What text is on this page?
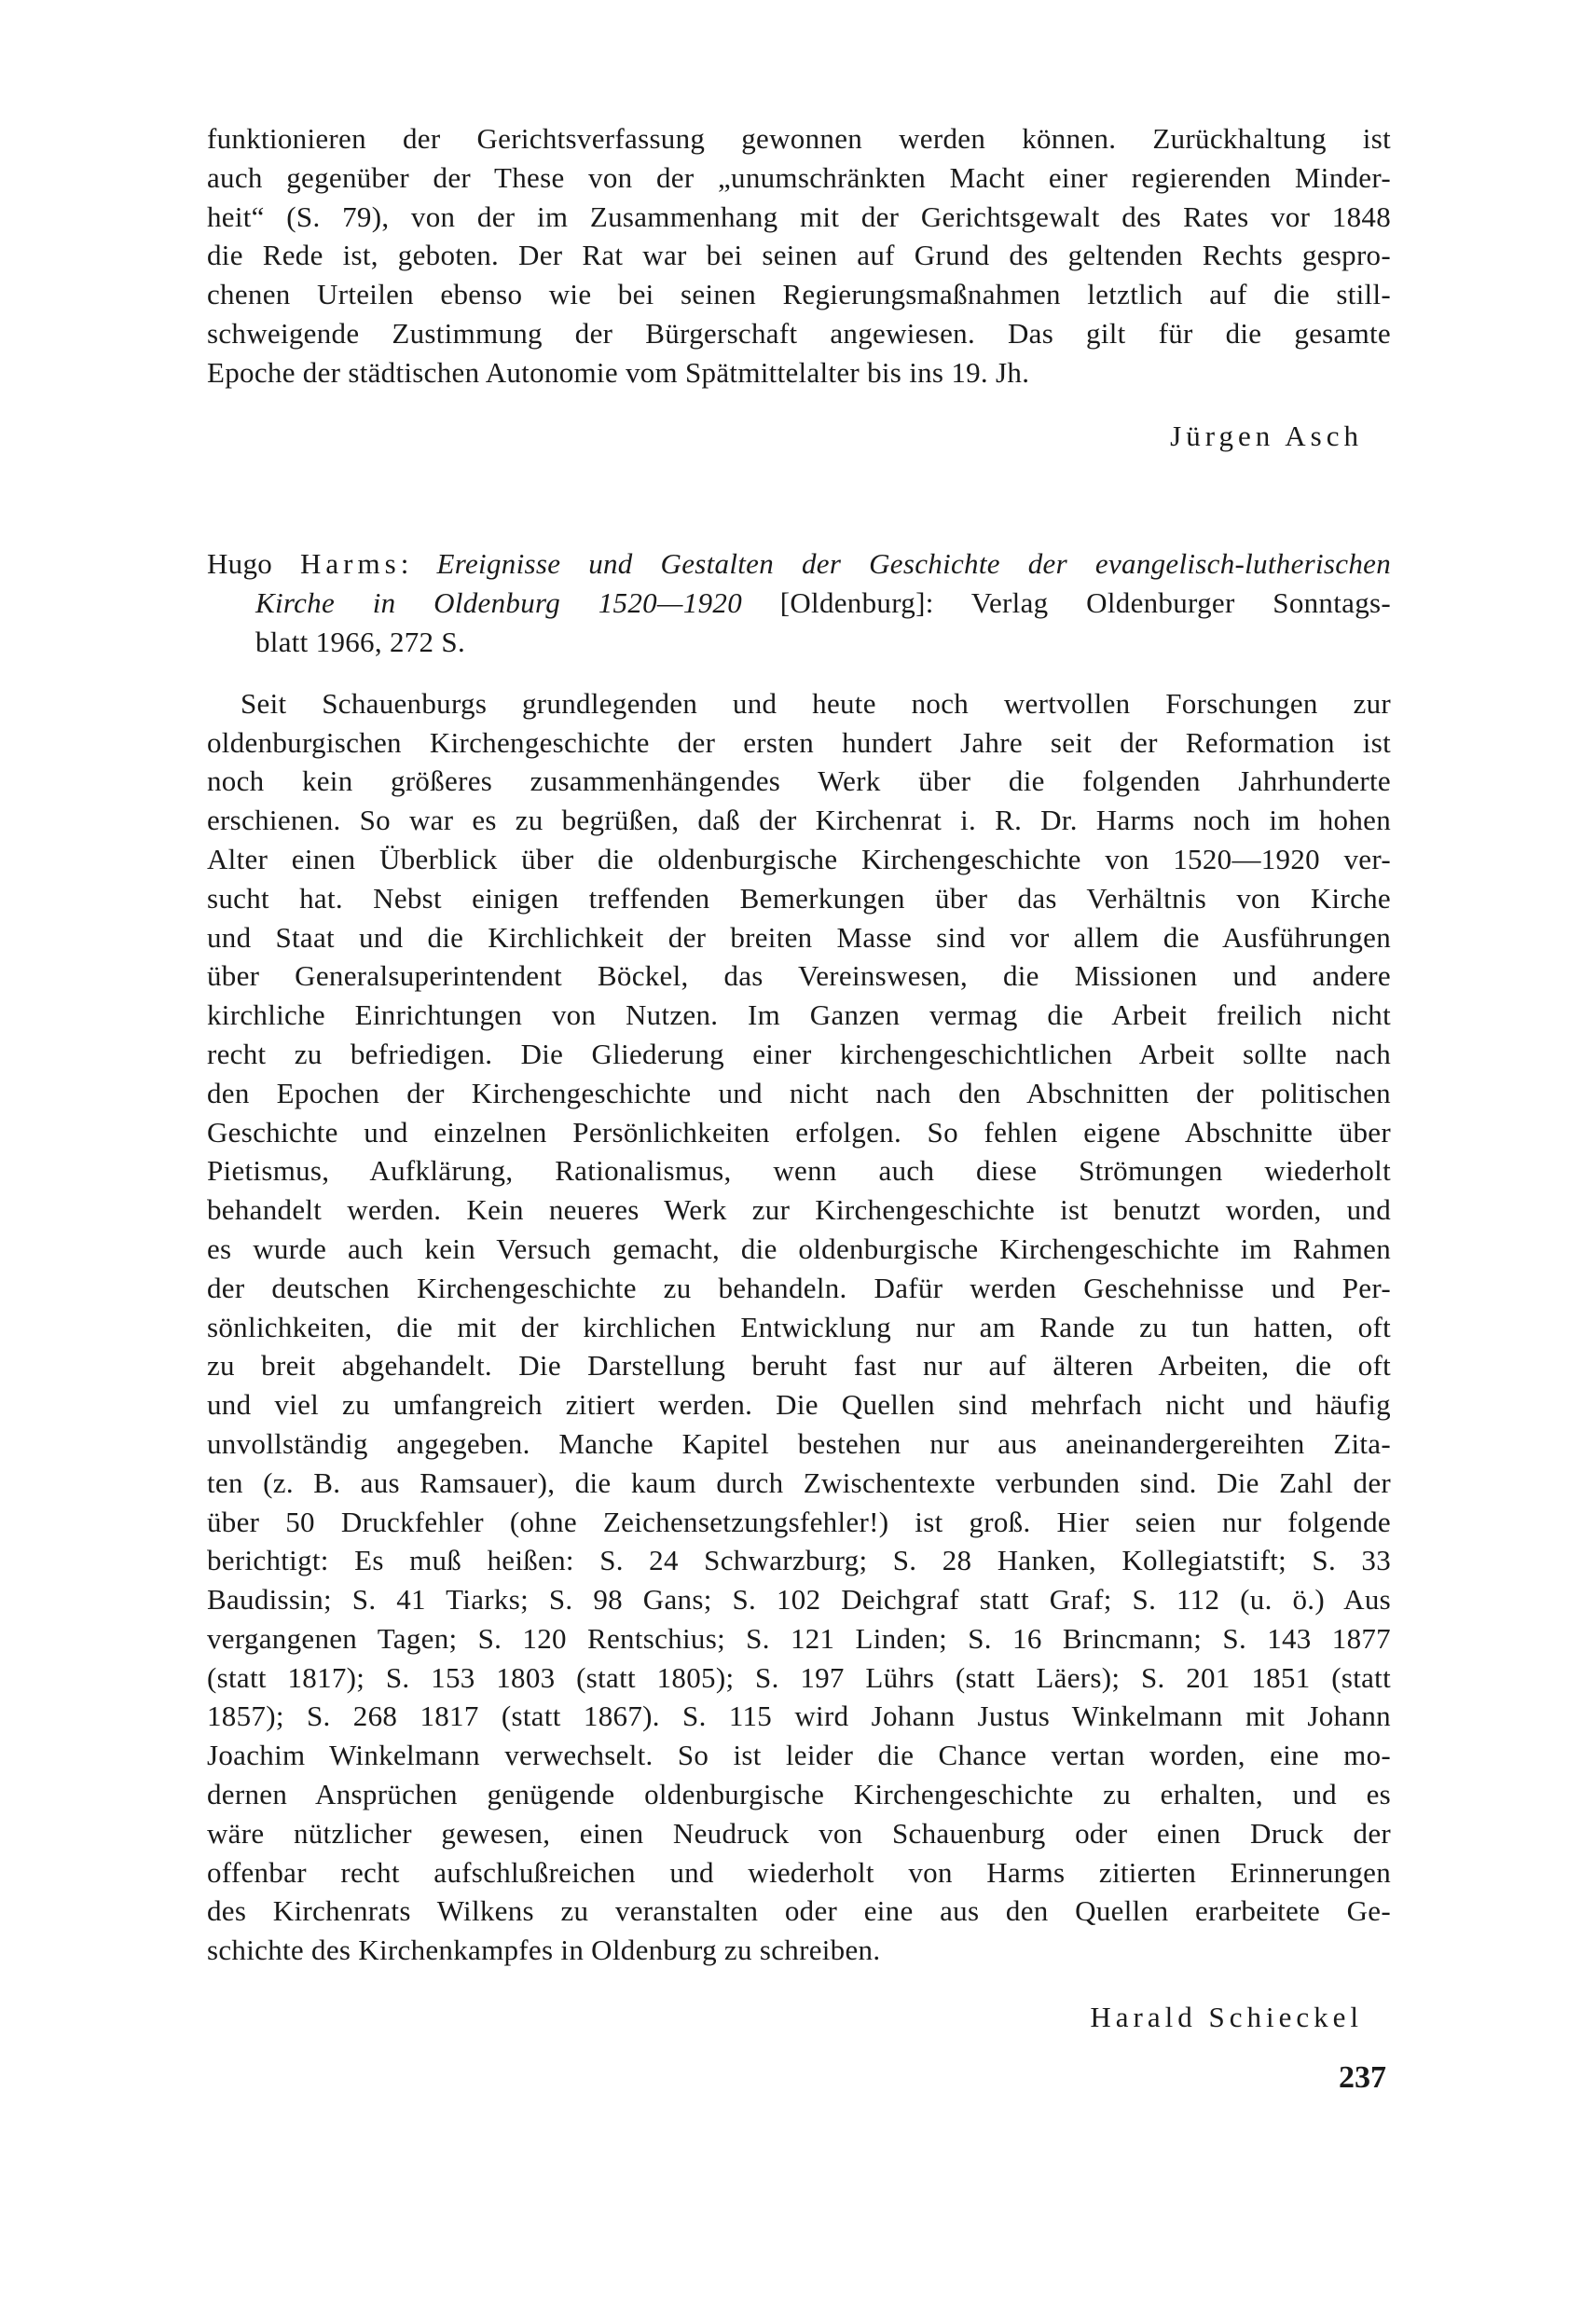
funktionieren der Gerichtsverfassung gewonnen werden können. Zurückhaltung ist
auch gegenüber der These von der „unumschränkten Macht einer regierenden Minder-
heit“ (S. 79), von der im Zusammenhang mit der Gerichtsgewalt des Rates vor 1848
die Rede ist, geboten. Der Rat war bei seinen auf Grund des geltenden Rechts gespro-
chenen Urteilen ebenso wie bei seinen Regierungsmaßnahmen letztlich auf die still-
schweigende Zustimmung der Bürgerschaft angewiesen. Das gilt für die gesamte
Epoche der städtischen Autonomie vom Spätmittelalter bis ins 19. Jh.
Jürgen Asch
Hugo Harms: Ereignisse und Gestalten der Geschichte der evangelisch-lutherischen
Kirche in Oldenburg 1520—1920 [Oldenburg]: Verlag Oldenburger Sonntags-
blatt 1966, 272 S.
Seit Schauenburgs grundlegenden und heute noch wertvollen Forschungen zur
oldenburgischen Kirchengeschichte der ersten hundert Jahre seit der Reformation ist
noch kein größeres zusammenhängendes Werk über die folgenden Jahrhunderte
erschienen. So war es zu begrüßen, daß der Kirchenrat i. R. Dr. Harms noch im hohen
Alter einen Überblick über die oldenburgische Kirchengeschichte von 1520—1920 ver-
sucht hat. Nebst einigen treffenden Bemerkungen über das Verhältnis von Kirche
und Staat und die Kirchlichkeit der breiten Masse sind vor allem die Ausführungen
über Generalsuperintendent Böckel, das Vereinswesen, die Missionen und andere
kirchliche Einrichtungen von Nutzen. Im Ganzen vermag die Arbeit freilich nicht
recht zu befriedigen. Die Gliederung einer kirchengeschichtlichen Arbeit sollte nach
den Epochen der Kirchengeschichte und nicht nach den Abschnitten der politischen
Geschichte und einzelnen Persönlichkeiten erfolgen. So fehlen eigene Abschnitte über
Pietismus, Aufklärung, Rationalismus, wenn auch diese Strömungen wiederholt
behandelt werden. Kein neueres Werk zur Kirchengeschichte ist benutzt worden, und
es wurde auch kein Versuch gemacht, die oldenburgische Kirchengeschichte im Rahmen
der deutschen Kirchengeschichte zu behandeln. Dafür werden Geschehnisse und Per-
sönlichkeiten, die mit der kirchlichen Entwicklung nur am Rande zu tun hatten, oft
zu breit abgehandelt. Die Darstellung beruht fast nur auf älteren Arbeiten, die oft
und viel zu umfangreich zitiert werden. Die Quellen sind mehrfach nicht und häufig
unvollständig angegeben. Manche Kapitel bestehen nur aus aneinandergereihten Zita-
ten (z. B. aus Ramsauer), die kaum durch Zwischentexte verbunden sind. Die Zahl der
über 50 Druckfehler (ohne Zeichensetzungsfehler!) ist groß. Hier seien nur folgende
berichtigt: Es muß heißen: S. 24 Schwarzburg; S. 28 Hanken, Kollegiatstift; S. 33
Baudissin; S. 41 Tiarks; S. 98 Gans; S. 102 Deichgraf statt Graf; S. 112 (u. ö.) Aus
vergangenen Tagen; S. 120 Rentschius; S. 121 Linden; S. 16 Brincmann; S. 143 1877
(statt 1817); S. 153 1803 (statt 1805); S. 197 Lührs (statt Läers); S. 201 1851 (statt
1857); S. 268 1817 (statt 1867). S. 115 wird Johann Justus Winkelmann mit Johann
Joachim Winkelmann verwechselt. So ist leider die Chance vertan worden, eine mo-
dernen Ansprüchen genügende oldenburgische Kirchengeschichte zu erhalten, und es
wäre nützlicher gewesen, einen Neudruck von Schauenburg oder einen Druck der
offenbar recht aufschlußreichen und wiederholt von Harms zitierten Erinnerungen
des Kirchenrats Wilkens zu veranstalten oder eine aus den Quellen erarbeitete Ge-
schichte des Kirchenkampfes in Oldenburg zu schreiben.
Harald Schieckel
237
